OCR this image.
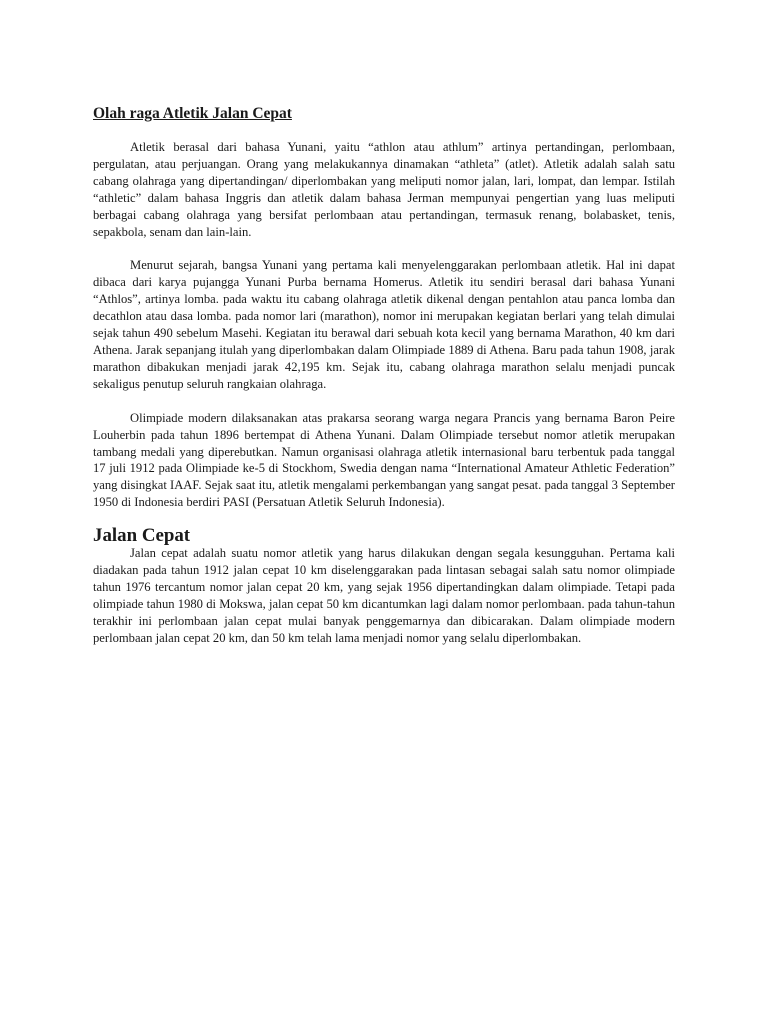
Olah raga Atletik Jalan Cepat

Atletik berasal dari bahasa Yunani, yaitu “athlon atau athlum” artinya pertandingan, perlombaan, pergulatan, atau perjuangan. Orang yang melakukannya dinamakan “athleta” (atlet). Atletik adalah salah satu cabang olahraga yang dipertandingan/ diperlombakan yang meliputi nomor jalan, lari, lompat, dan lempar. Istilah “athletic” dalam bahasa Inggris dan atletik dalam bahasa Jerman mempunyai pengertian yang luas meliputi berbagai cabang olahraga yang bersifat perlombaan atau pertandingan, termasuk renang, bolabasket, tenis, sepakbola, senam dan lain-lain.

Menurut sejarah, bangsa Yunani yang pertama kali menyelenggarakan perlombaan atletik. Hal ini dapat dibaca dari karya pujangga Yunani Purba bernama Homerus. Atletik itu sendiri berasal dari bahasa Yunani “Athlos”, artinya lomba. pada waktu itu cabang olahraga atletik dikenal dengan pentahlon atau panca lomba dan decathlon atau dasa lomba. pada nomor lari (marathon), nomor ini merupakan kegiatan berlari yang telah dimulai sejak tahun 490 sebelum Masehi. Kegiatan itu berawal dari sebuah kota kecil yang bernama Marathon, 40 km dari Athena. Jarak sepanjang itulah yang diperlombakan dalam Olimpiade 1889 di Athena. Baru pada tahun 1908, jarak marathon dibakukan menjadi jarak 42,195 km. Sejak itu, cabang olahraga marathon selalu menjadi puncak sekaligus penutup seluruh rangkaian olahraga.

Olimpiade modern dilaksanakan atas prakarsa seorang warga negara Prancis yang bernama Baron Peire Louherbin pada tahun 1896 bertempat di Athena Yunani. Dalam Olimpiade tersebut nomor atletik merupakan tambang medali yang diperebutkan. Namun organisasi olahraga atletik internasional baru terbentuk pada tanggal 17 juli 1912 pada Olimpiade ke-5 di Stockhom, Swedia dengan nama “International Amateur Athletic Federation” yang disingkat IAAF. Sejak saat itu, atletik mengalami perkembangan yang sangat pesat. pada tanggal 3 September 1950 di Indonesia berdiri PASI (Persatuan Atletik Seluruh Indonesia).

Jalan Cepat

Jalan cepat adalah suatu nomor atletik yang harus dilakukan dengan segala kesungguhan. Pertama kali diadakan pada tahun 1912 jalan cepat 10 km diselenggarakan pada lintasan sebagai salah satu nomor olimpiade tahun 1976 tercantum nomor jalan cepat 20 km, yang sejak 1956 dipertandingkan dalam olimpiade. Tetapi pada olimpiade tahun 1980 di Mokswa, jalan cepat 50 km dicantumkan lagi dalam nomor perlombaan. pada tahun-tahun terakhir ini perlombaan jalan cepat mulai banyak penggemarnya dan dibicarakan. Dalam olimpiade modern perlombaan jalan cepat 20 km, dan 50 km telah lama menjadi nomor yang selalu diperlombakan.
